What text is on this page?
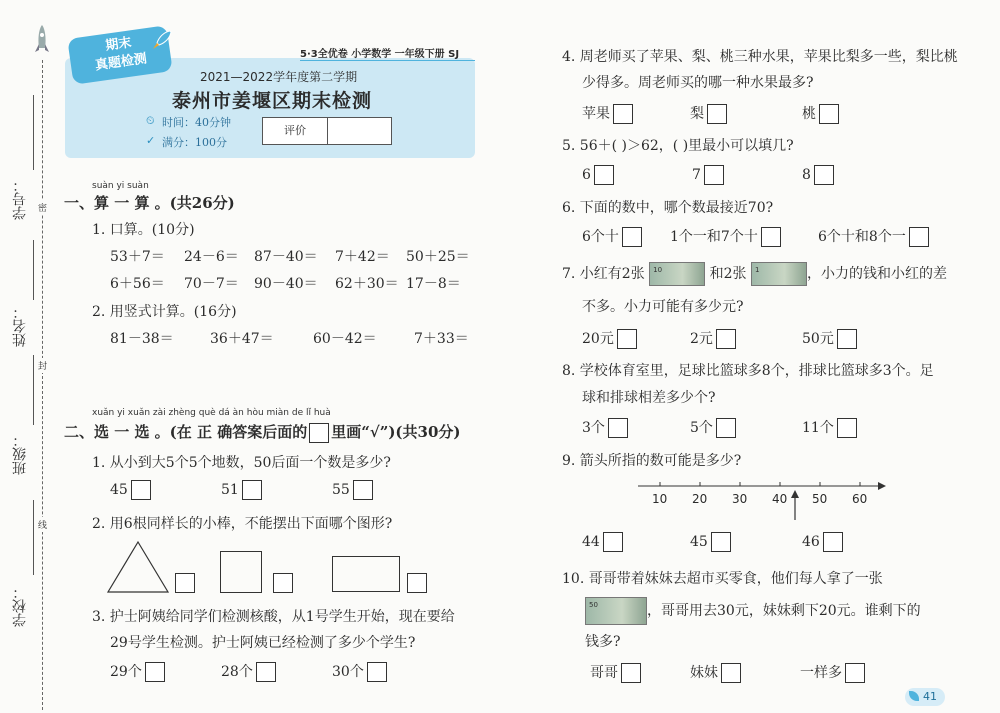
学号：
姓名：
班级：
学校：
密
封
线
期末
真题检测	5·3全优卷 小学数学 一年级下册 SJ
2021—2022学年度第二学期
泰州市姜堰区期末检测
⏲ 时间：40分钟
✓ 满分：100分
评价
suàn yi suàn
一、算 一 算 。(共26分)
1. 口算。(10分)
53＋7＝ 24－6＝ 87－40＝ 7＋42＝ 50＋25＝
6＋56＝ 70－7＝ 90－40＝ 62＋30＝ 17－8＝
2. 用竖式计算。(16分)
81－38＝	36＋47＝	60－42＝	7＋33＝
xuǎn yi xuǎn zài zhèng què dá àn hòu miàn de lǐ huà
二、选 一 选 。(在 正 确答案后面的 里画“√”)(共30分)
1. 从小到大5个5个地数，50后面一个数是多少?
45	51	55
2. 用6根同样长的小棒，不能摆出下面哪个图形?
3. 护士阿姨给同学们检测核酸，从1号学生开始，现在要给
29号学生检测。护士阿姨已经检测了多少个学生?
29个	28个	30个
4. 周老师买了苹果、梨、桃三种水果，苹果比梨多一些，梨比桃
少得多。周老师买的哪一种水果最多?
苹果	梨	桃
5. 56＋( )＞62，( )里最小可以填几?
6	7	8
6. 下面的数中，哪个数最接近70?
6个十	1个一和7个十	6个十和8个一
7. 小红有2张 10	和2张 1	，小力的钱和小红的差
不多。小力可能有多少元?
20元	2元	50元
8. 学校体育室里，足球比篮球多8个，排球比篮球多3个。足
球和排球相差多少个?
3个	5个	11个
9. 箭头所指的数可能是多少?
10 20 30 40 50 60
44	45	46
10. 哥哥带着妹妹去超市买零食，他们每人拿了一张
50	，哥哥用去30元，妹妹剩下20元。谁剩下的
钱多?
哥哥	妹妹	一样多
41
